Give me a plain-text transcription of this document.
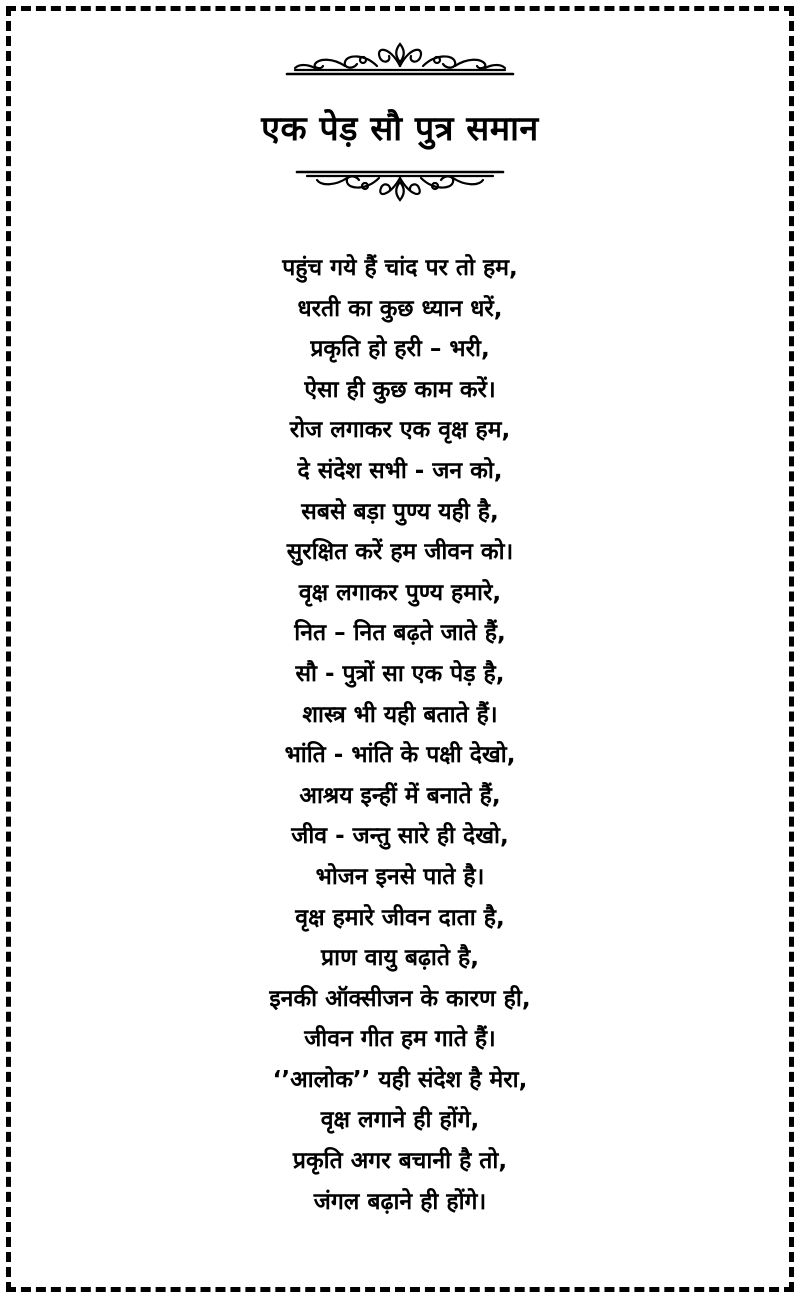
एक पेड़ सौ पुत्र समान
पहुंच गये हैं चांद पर तो हम,
धरती का कुछ ध्यान धरें,
प्रकृति हो हरी – भरी,
ऐसा ही कुछ काम करें।
रोज लगाकर एक वृक्ष हम,
दे संदेश सभी - जन को,
सबसे बड़ा पुण्य यही है,
सुरक्षित करें हम जीवन को।
वृक्ष लगाकर पुण्य हमारे,
नित – नित बढ़ते जाते हैं,
सौ - पुत्रों सा एक पेड़ है,
शास्त्र भी यही बताते हैं।
भांति - भांति के पक्षी देखो,
आश्रय इन्हीं में बनाते हैं,
जीव - जन्तु सारे ही देखो,
भोजन इनसे पाते है।
वृक्ष हमारे जीवन दाता है,
प्राण वायु बढ़ाते है,
इनकी ऑक्सीजन के कारण ही,
जीवन गीत हम गाते हैं।
‘’आलोक’’ यही संदेश है मेरा,
वृक्ष लगाने ही होंगे,
प्रकृति अगर बचानी है तो,
जंगल बढ़ाने ही होंगे।
